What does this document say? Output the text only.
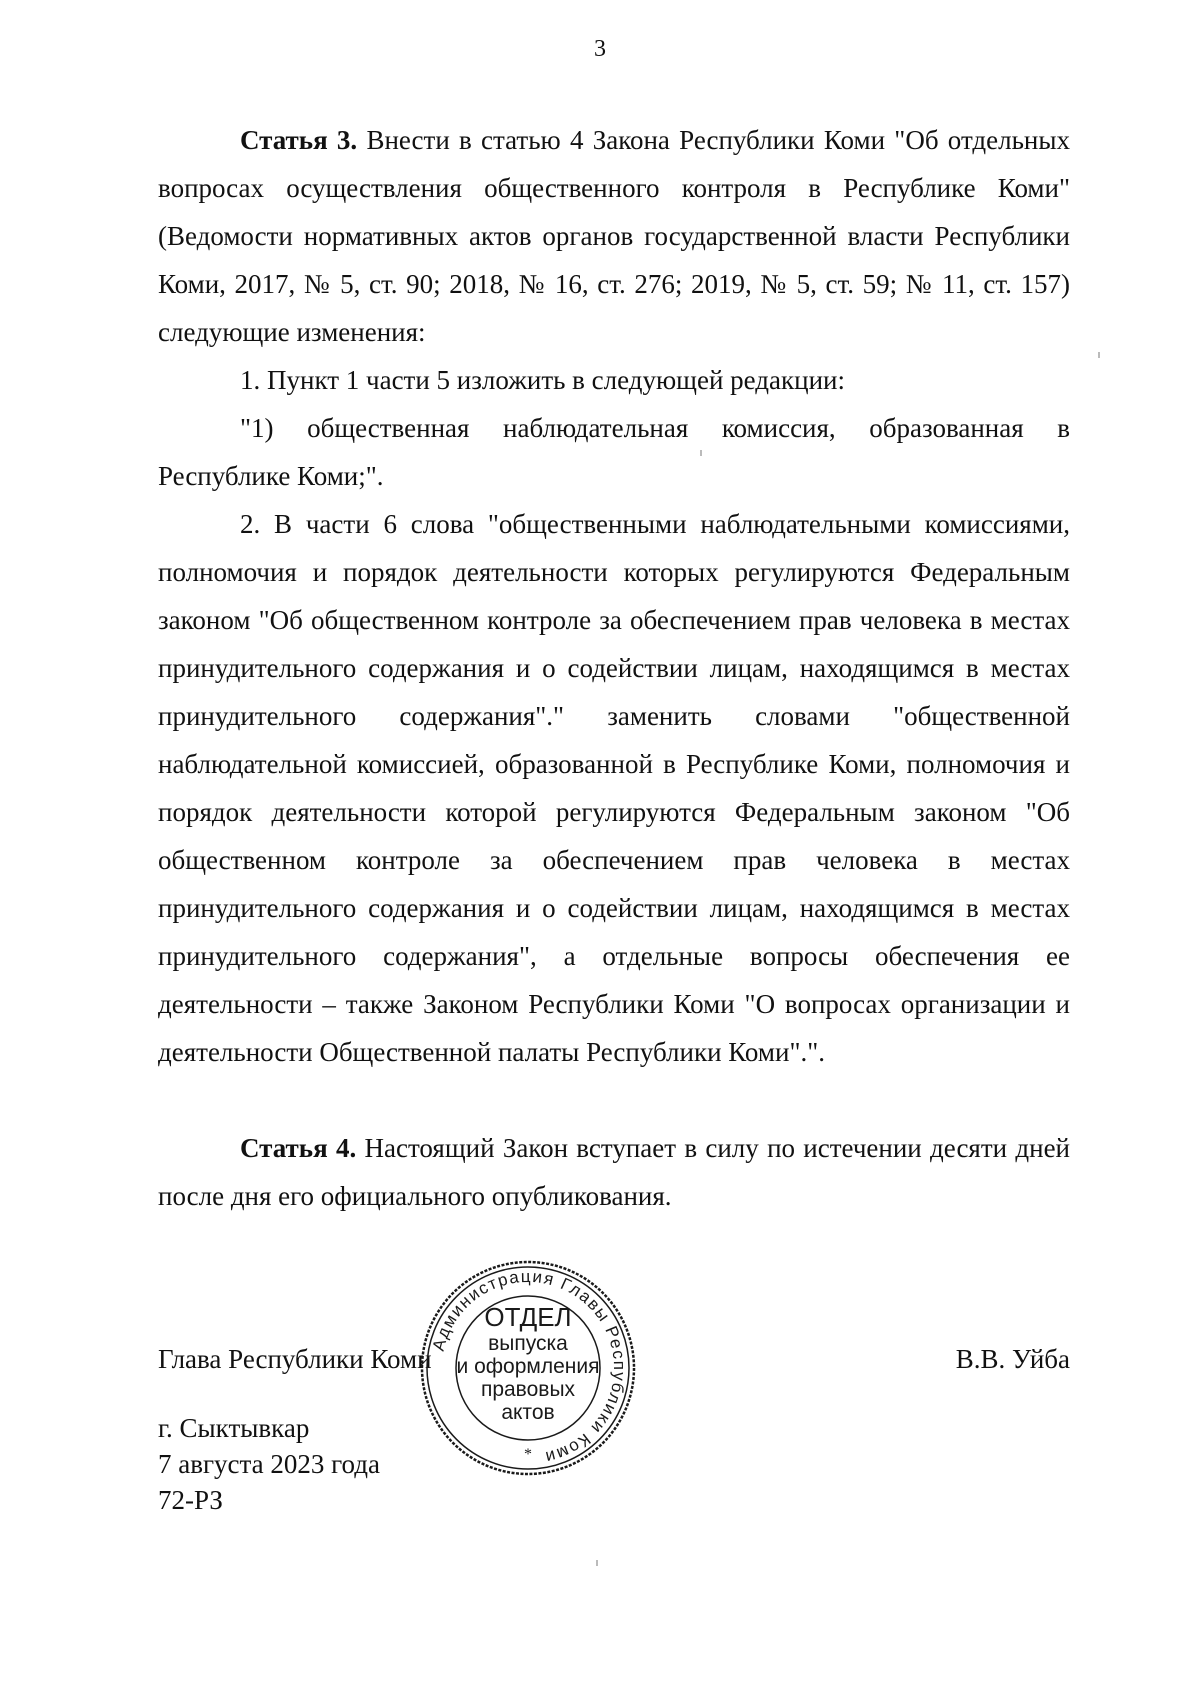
3

Статья 3. Внести в статью 4 Закона Республики Коми "Об отдельных вопросах осуществления общественного контроля в Республике Коми" (Ведомости нормативных актов органов государственной власти Республики Коми, 2017, № 5, ст. 90; 2018, № 16, ст. 276; 2019, № 5, ст. 59; № 11, ст. 157) следующие изменения:

1. Пункт 1 части 5 изложить в следующей редакции:

"1) общественная наблюдательная комиссия, образованная в Республике Коми;".

2. В части 6 слова "общественными наблюдательными комиссиями, полномочия и порядок деятельности которых регулируются Федеральным законом "Об общественном контроле за обеспечением прав человека в местах принудительного содержания и о содействии лицам, находящимся в местах принудительного содержания"." заменить словами "общественной наблюдательной комиссией, образованной в Республике Коми, полномочия и порядок деятельности которой регулируются Федеральным законом "Об общественном контроле за обеспечением прав человека в местах принудительного содержания и о содействии лицам, находящимся в местах принудительного содержания", а отдельные вопросы обеспечения ее деятельности – также Законом Республики Коми "О вопросах организации и деятельности Общественной палаты Республики Коми".".

Статья 4. Настоящий Закон вступает в силу по истечении десяти дней после дня его официального опубликования.

Глава Республики Коми	В.В. Уйба
г. Сыктывкар
7 августа 2023 года
72-РЗ
Администрация Главы Республики Коми
ОТДЕЛ
выпуска
и оформления
правовых
актов
*
